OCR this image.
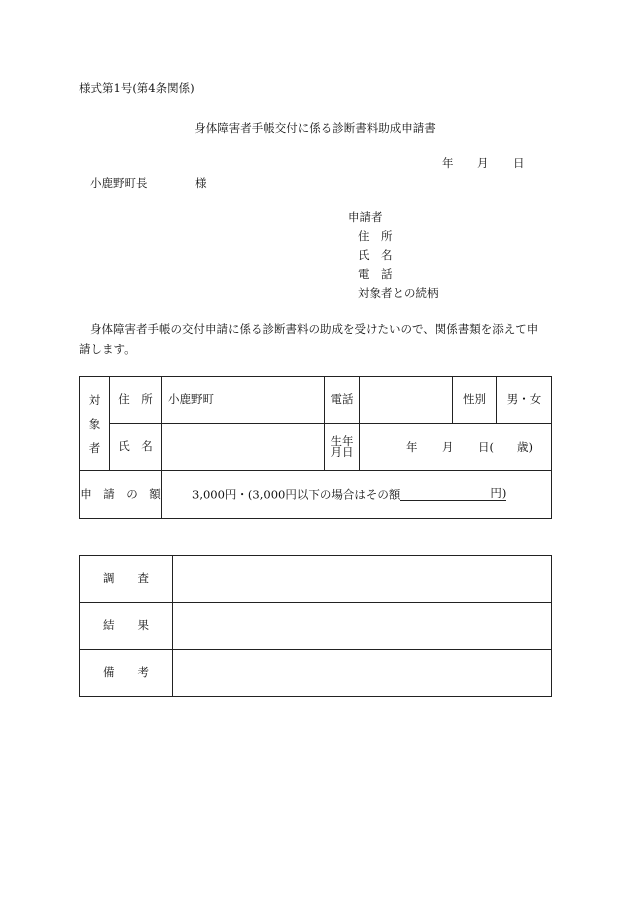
様式第1号(第4条関係)
身体障害者手帳交付に係る診断書料助成申請書
年 月 日
小鹿野町長	様
申請者
住　所
氏　名
電　話
対象者との続柄
身体障害者手帳の交付申請に係る診断書料の助成を受けたいので、関係書類を添えて申
請します。
対
象
者	住　所	小鹿野町	電話		性別	男・女
	氏　名		生年月日	年 月 日( 歳)		

申　請　の　額		3,000円・(3,000円以下の場合はその額 円)				
調　　査	
結　　果	
備　　考	
